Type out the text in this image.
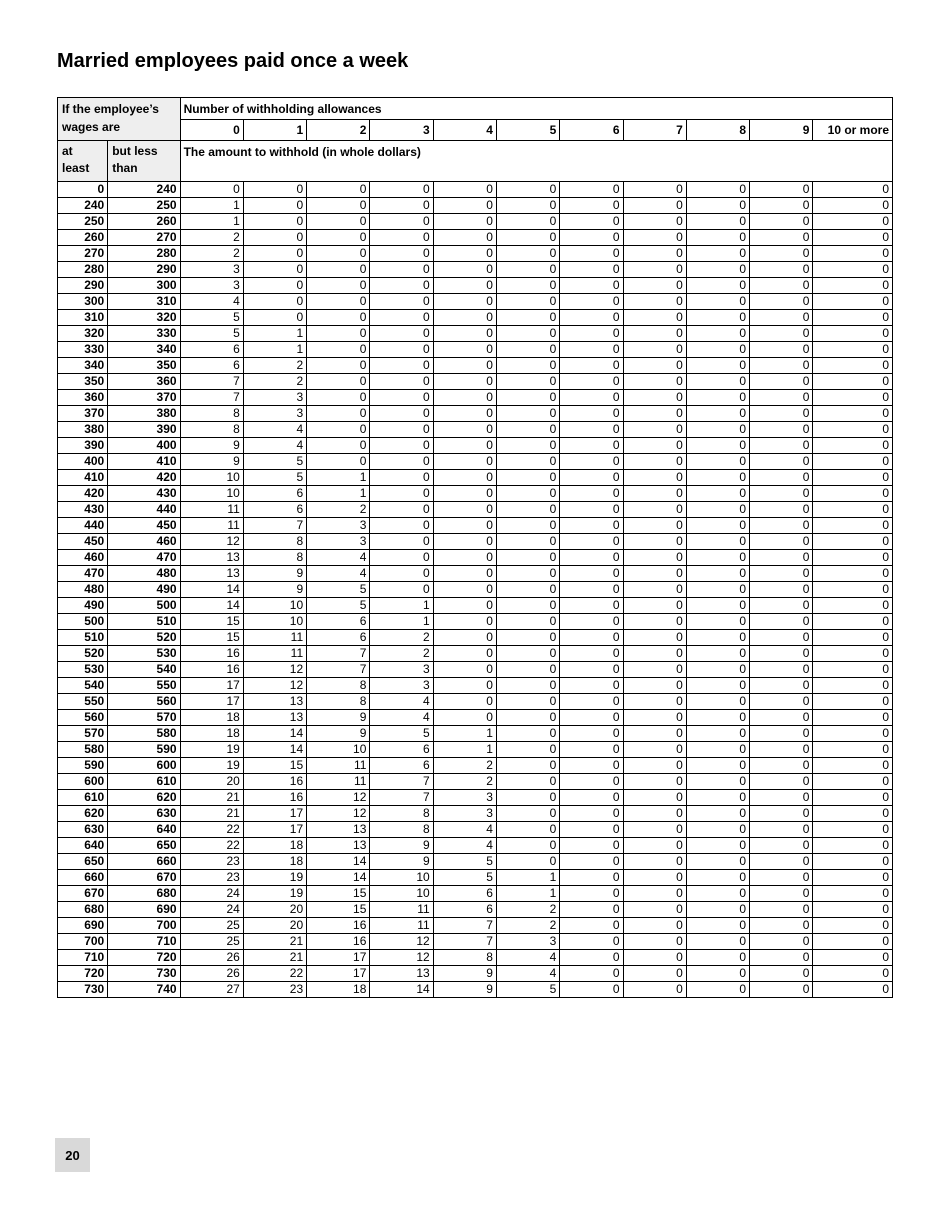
Married employees paid once a week
If the employee’s wages are		Number of withholding allowances										
		0	1	2	3	4	5	6	7	8	9	10 or more
at least	but less than	The amount to withhold (in whole dollars)										
0	240	0	0	0	0	0	0	0	0	0	0	0
240	250	1	0	0	0	0	0	0	0	0	0	0
250	260	1	0	0	0	0	0	0	0	0	0	0
260	270	2	0	0	0	0	0	0	0	0	0	0
270	280	2	0	0	0	0	0	0	0	0	0	0
280	290	3	0	0	0	0	0	0	0	0	0	0
290	300	3	0	0	0	0	0	0	0	0	0	0
300	310	4	0	0	0	0	0	0	0	0	0	0
310	320	5	0	0	0	0	0	0	0	0	0	0
320	330	5	1	0	0	0	0	0	0	0	0	0
330	340	6	1	0	0	0	0	0	0	0	0	0
340	350	6	2	0	0	0	0	0	0	0	0	0
350	360	7	2	0	0	0	0	0	0	0	0	0
360	370	7	3	0	0	0	0	0	0	0	0	0
370	380	8	3	0	0	0	0	0	0	0	0	0
380	390	8	4	0	0	0	0	0	0	0	0	0
390	400	9	4	0	0	0	0	0	0	0	0	0
400	410	9	5	0	0	0	0	0	0	0	0	0
410	420	10	5	1	0	0	0	0	0	0	0	0
420	430	10	6	1	0	0	0	0	0	0	0	0
430	440	11	6	2	0	0	0	0	0	0	0	0
440	450	11	7	3	0	0	0	0	0	0	0	0
450	460	12	8	3	0	0	0	0	0	0	0	0
460	470	13	8	4	0	0	0	0	0	0	0	0
470	480	13	9	4	0	0	0	0	0	0	0	0
480	490	14	9	5	0	0	0	0	0	0	0	0
490	500	14	10	5	1	0	0	0	0	0	0	0
500	510	15	10	6	1	0	0	0	0	0	0	0
510	520	15	11	6	2	0	0	0	0	0	0	0
520	530	16	11	7	2	0	0	0	0	0	0	0
530	540	16	12	7	3	0	0	0	0	0	0	0
540	550	17	12	8	3	0	0	0	0	0	0	0
550	560	17	13	8	4	0	0	0	0	0	0	0
560	570	18	13	9	4	0	0	0	0	0	0	0
570	580	18	14	9	5	1	0	0	0	0	0	0
580	590	19	14	10	6	1	0	0	0	0	0	0
590	600	19	15	11	6	2	0	0	0	0	0	0
600	610	20	16	11	7	2	0	0	0	0	0	0
610	620	21	16	12	7	3	0	0	0	0	0	0
620	630	21	17	12	8	3	0	0	0	0	0	0
630	640	22	17	13	8	4	0	0	0	0	0	0
640	650	22	18	13	9	4	0	0	0	0	0	0
650	660	23	18	14	9	5	0	0	0	0	0	0
660	670	23	19	14	10	5	1	0	0	0	0	0
670	680	24	19	15	10	6	1	0	0	0	0	0
680	690	24	20	15	11	6	2	0	0	0	0	0
690	700	25	20	16	11	7	2	0	0	0	0	0
700	710	25	21	16	12	7	3	0	0	0	0	0
710	720	26	21	17	12	8	4	0	0	0	0	0
720	730	26	22	17	13	9	4	0	0	0	0	0
730	740	27	23	18	14	9	5	0	0	0	0	0
20
